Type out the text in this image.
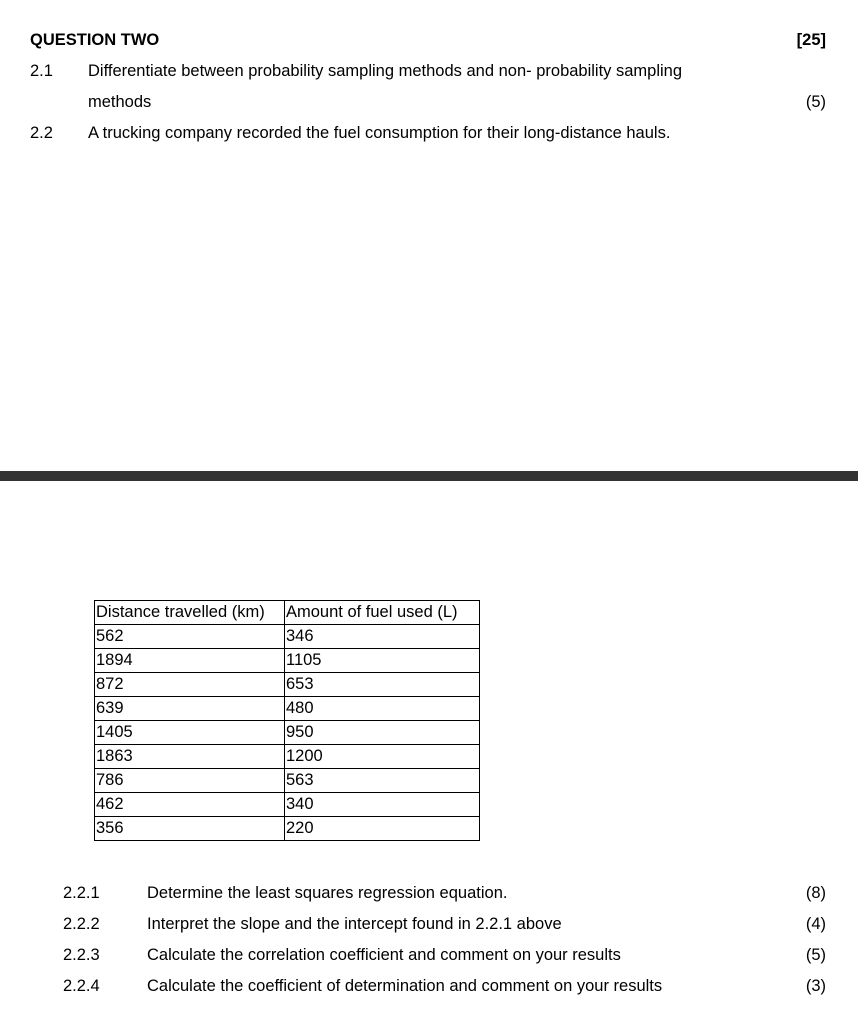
QUESTION TWO	[25]
2.1 Differentiate between probability sampling methods and non- probability sampling
methods	(5)
2.2 A trucking company recorded the fuel consumption for their long-distance hauls.
Distance travelled (km)	Amount of fuel used (L)
562	346
1894	1105
872	653
639	480
1405	950
1863	1200
786	563
462	340
356	220
2.2.1	Determine the least squares regression equation.	(8)
2.2.2	Interpret the slope and the intercept found in 2.2.1 above	(4)
2.2.3	Calculate the correlation coefficient and comment on your results	(5)
2.2.4	Calculate the coefficient of determination and comment on your results	(3)
